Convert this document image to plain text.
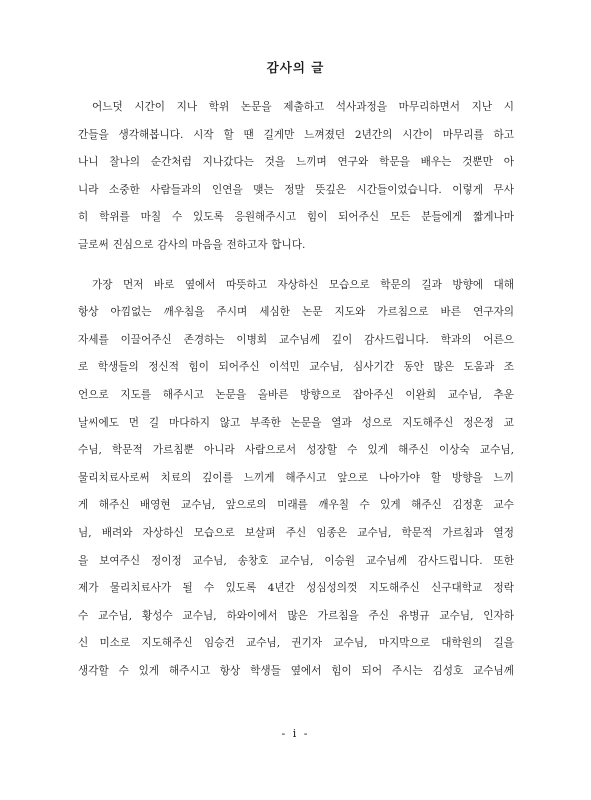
감사의 글
어느덧 시간이 지나 학위 논문을 제출하고 석사과정을 마무리하면서 지난 시
간들을 생각해봅니다. 시작 할 땐 길게만 느껴졌던 2년간의 시간이 마무리를 하고
나니 찰나의 순간처럼 지나갔다는 것을 느끼며 연구와 학문을 배우는 것뿐만 아
니라 소중한 사람들과의 인연을 맺는 정말 뜻깊은 시간들이었습니다. 이렇게 무사
히 학위를 마칠 수 있도록 응원해주시고 힘이 되어주신 모든 분들에게 짧게나마
글로써 진심으로 감사의 마음을 전하고자 합니다.
가장 먼저 바로 옆에서 따뜻하고 자상하신 모습으로 학문의 길과 방향에 대해
항상 아낌없는 깨우침을 주시며 세심한 논문 지도와 가르침으로 바른 연구자의
자세를 이끌어주신 존경하는 이병희 교수님께 깊이 감사드립니다. 학과의 어른으
로 학생들의 정신적 힘이 되어주신 이석민 교수님, 심사기간 동안 많은 도움과 조
언으로 지도를 해주시고 논문을 올바른 방향으로 잡아주신 이완희 교수님, 추운
날씨에도 먼 길 마다하지 않고 부족한 논문을 열과 성으로 지도해주신 정은정 교
수님, 학문적 가르침뿐 아니라 사람으로서 성장할 수 있게 해주신 이상숙 교수님,
물리치료사로써 치료의 깊이를 느끼게 해주시고 앞으로 나아가야 할 방향을 느끼
게 해주신 배영현 교수님, 앞으로의 미래를 깨우칠 수 있게 해주신 김정훈 교수
님, 배려와 자상하신 모습으로 보살펴 주신 임종은 교수님, 학문적 가르침과 열정
을 보여주신 정이정 교수님, 송창호 교수님, 이승원 교수님께 감사드립니다. 또한
제가 물리치료사가 될 수 있도록 4년간 성심성의껏 지도해주신 신구대학교 정락
수 교수님, 황성수 교수님, 하와이에서 많은 가르침을 주신 유병규 교수님, 인자하
신 미소로 지도해주신 임승건 교수님, 권기자 교수님, 마지막으로 대학원의 길을
생각할 수 있게 해주시고 항상 학생들 옆에서 힘이 되어 주시는 김성호 교수님께
- i -
